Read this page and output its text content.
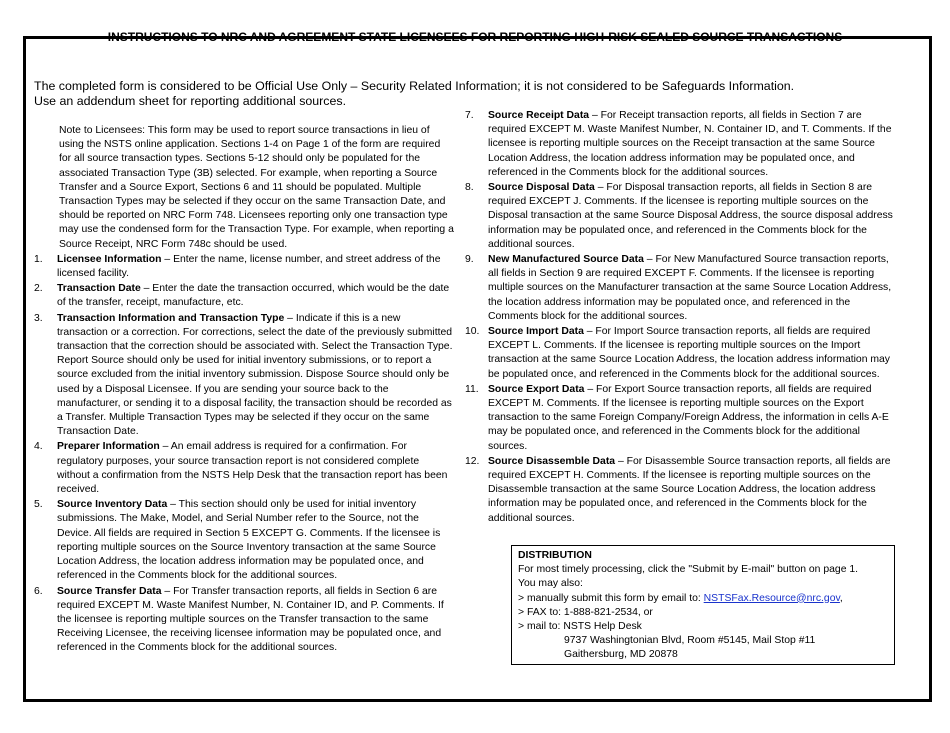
INSTRUCTIONS TO NRC AND AGREEMENT STATE LICENSEES FOR REPORTING HIGH-RISK SEALED SOURCE TRANSACTIONS
The completed form is considered to be Official Use Only – Security Related Information; it is not considered to be Safeguards Information.
Use an addendum sheet for reporting additional sources.
Note to Licensees: This form may be used to report source transactions in lieu of using the NSTS online application. Sections 1-4 on Page 1 of the form are required for all source transaction types. Sections 5-12 should only be populated for the associated Transaction Type (3B) selected. For example, when reporting a Source Transfer and a Source Export, Sections 6 and 11 should be populated. Multiple Transaction Types may be selected if they occur on the same Transaction Date, and should be reported on NRC Form 748. Licensees reporting only one transaction type may use the condensed form for the Transaction Type. For example, when reporting a Source Receipt, NRC Form 748c should be used.
1. Licensee Information – Enter the name, license number, and street address of the licensed facility.
2. Transaction Date – Enter the date the transaction occurred, which would be the date of the transfer, receipt, manufacture, etc.
3. Transaction Information and Transaction Type – Indicate if this is a new transaction or a correction. For corrections, select the date of the previously submitted transaction that the correction should be associated with. Select the Transaction Type. Report Source should only be used for initial inventory submissions, or to report a source excluded from the initial inventory submission. Dispose Source should only be used by a Disposal Licensee. If you are sending your source back to the manufacturer, or sending it to a disposal facility, the transaction should be recorded as a Transfer. Multiple Transaction Types may be selected if they occur on the same Transaction Date.
4. Preparer Information – An email address is required for a confirmation. For regulatory purposes, your source transaction report is not considered complete without a confirmation from the NSTS Help Desk that the transaction report has been received.
5. Source Inventory Data – This section should only be used for initial inventory submissions. The Make, Model, and Serial Number refer to the Source, not the Device. All fields are required in Section 5 EXCEPT G. Comments. If the licensee is reporting multiple sources on the Source Inventory transaction at the same Source Location Address, the location address information may be populated once, and referenced in the Comments block for the additional sources.
6. Source Transfer Data – For Transfer transaction reports, all fields in Section 6 are required EXCEPT M. Waste Manifest Number, N. Container ID, and P. Comments. If the licensee is reporting multiple sources on the Transfer transaction to the same Receiving Licensee, the receiving licensee information may be populated once, and referenced in the Comments block for the additional sources.
7. Source Receipt Data – For Receipt transaction reports, all fields in Section 7 are required EXCEPT M. Waste Manifest Number, N. Container ID, and T. Comments. If the licensee is reporting multiple sources on the Receipt transaction at the same Source Location Address, the location address information may be populated once, and referenced in the Comments block for the additional sources.
8. Source Disposal Data – For Disposal transaction reports, all fields in Section 8 are required EXCEPT J. Comments. If the licensee is reporting multiple sources on the Disposal transaction at the same Source Disposal Address, the source disposal address information may be populated once, and referenced in the Comments block for the additional sources.
9. New Manufactured Source Data – For New Manufactured Source transaction reports, all fields in Section 9 are required EXCEPT F. Comments. If the licensee is reporting multiple sources on the Manufacturer transaction at the same Source Location Address, the location address information may be populated once, and referenced in the Comments block for the additional sources.
10. Source Import Data – For Import Source transaction reports, all fields are required EXCEPT L. Comments. If the licensee is reporting multiple sources on the Import transaction at the same Source Location Address, the location address information may be populated once, and referenced in the Comments block for the additional sources.
11. Source Export Data – For Export Source transaction reports, all fields are required EXCEPT M. Comments. If the licensee is reporting multiple sources on the Export transaction to the same Foreign Company/Foreign Address, the information in cells A-E may be populated once, and referenced in the Comments block for the additional sources.
12. Source Disassemble Data – For Disassemble Source transaction reports, all fields are required EXCEPT H. Comments. If the licensee is reporting multiple sources on the Disassemble transaction at the same Source Location Address, the location address information may be populated once, and referenced in the Comments block for the additional sources.
DISTRIBUTION
For most timely processing, click the "Submit by E-mail" button on page 1.
You may also:
> manually submit this form by email to: NSTSFax.Resource@nrc.gov,
> FAX to: 1-888-821-2534, or
> mail to: NSTS Help Desk
9737 Washingtonian Blvd, Room #5145, Mail Stop #11
Gaithersburg, MD 20878
